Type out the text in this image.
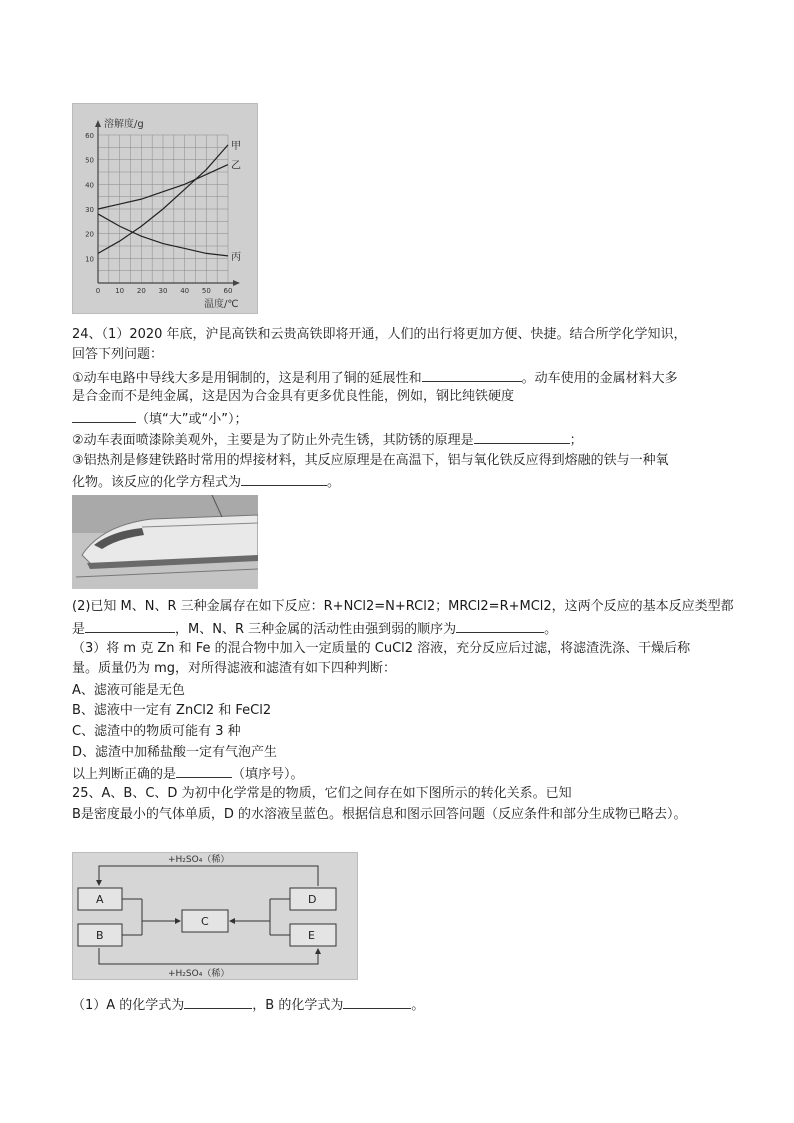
溶解度/g
温度/℃
60
50
40
30
20
10
0 10 20 30 40 50 60
甲
乙
丙
24、（1）2020 年底，沪昆高铁和云贵高铁即将开通，人们的出行将更加方便、快捷。结合所学化学知识，
回答下列问题：
①动车电路中导线大多是用铜制的，这是利用了铜的延展性和	。动车使用的金属材料大多
是合金而不是纯金属，这是因为合金具有更多优良性能，例如，钢比纯铁硬度
（填“大”或“小”）；
②动车表面喷漆除美观外，主要是为了防止外壳生锈，其防锈的原理是	；
③铝热剂是修建铁路时常用的焊接材料，其反应原理是在高温下，铝与氧化铁反应得到熔融的铁与一种氧
化物。该反应的化学方程式为	。
(2)已知 M、N、R 三种金属存在如下反应：R+NCl2=N+RCl2；MRCl2=R+MCl2，这两个反应的基本反应类型都
是	，M、N、R 三种金属的活动性由强到弱的顺序为	。
（3）将 m 克 Zn 和 Fe 的混合物中加入一定质量的 CuCl2 溶液，充分反应后过滤，将滤渣洗涤、干燥后称
量。质量仍为 mg，对所得滤液和滤渣有如下四种判断：
A、滤液可能是无色
B、滤液中一定有 ZnCl2 和 FeCl2
C、滤渣中的物质可能有 3 种
D、滤渣中加稀盐酸一定有气泡产生
以上判断正确的是	（填序号）。
25、A、B、C、D 为初中化学常是的物质，它们之间存在如下图所示的转化关系。已知
B是密度最小的气体单质，D 的水溶液呈蓝色。根据信息和图示回答问题（反应条件和部分生成物已略去）。
+H₂SO₄（稀）
+H₂SO₄（稀）
A
B
C
D
E
（1）A 的化学式为	，B 的化学式为	。
